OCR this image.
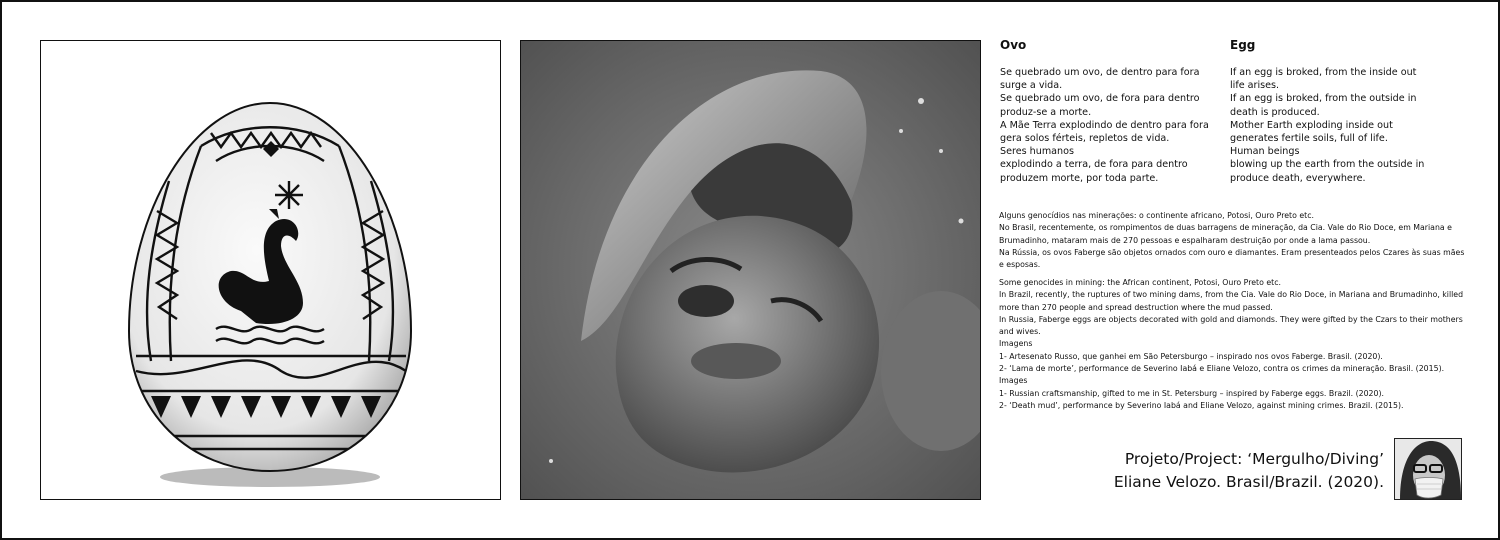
Ovo
Se quebrado um ovo, de dentro para fora
surge a vida.
Se quebrado um ovo, de fora para dentro
produz-se a morte.
A Mãe Terra explodindo de dentro para fora
gera solos férteis, repletos de vida.
Seres humanos
explodindo a terra, de fora para dentro
produzem morte, por toda parte.
Egg
If an egg is broked, from the inside out
life arises.
If an egg is broked, from the outside in
death is produced.
Mother Earth exploding inside out
generates fertile soils, full of life.
Human beings
blowing up the earth from the outside in
produce death, everywhere.
Alguns genocídios nas minerações: o continente africano, Potosi, Ouro Preto etc.
No Brasil, recentemente, os rompimentos de duas barragens de mineração, da Cia. Vale do Rio Doce, em Mariana e Brumadinho, mataram mais de 270 pessoas e espalharam destruição por onde a lama passou.
Na Rússia, os ovos Faberge são objetos ornados com ouro e diamantes. Eram presenteados pelos Czares às suas mães e esposas.
Some genocides in mining: the African continent, Potosi, Ouro Preto etc.
In Brazil, recently, the ruptures of two mining dams, from the Cia. Vale do Rio Doce, in Mariana and Brumadinho, killed more than 270 people and spread destruction where the mud passed.
In Russia, Faberge eggs are objects decorated with gold and diamonds. They were gifted by the Czars to their mothers and wives.
Imagens
1- Artesenato Russo, que ganhei em São Petersburgo – inspirado nos ovos Faberge. Brasil. (2020).
2- ‘Lama de morte’, performance de Severino Iabá e Eliane Velozo, contra os crimes da mineração. Brasil. (2015).
Images
1- Russian craftsmanship, gifted to me in St. Petersburg – inspired by Faberge eggs. Brazil. (2020).
2- ‘Death mud’, performance by Severino Iabá and Eliane Velozo, against mining crimes. Brazil. (2015).
Projeto/Project: ‘Mergulho/Diving’
Eliane Velozo. Brasil/Brazil. (2020).
